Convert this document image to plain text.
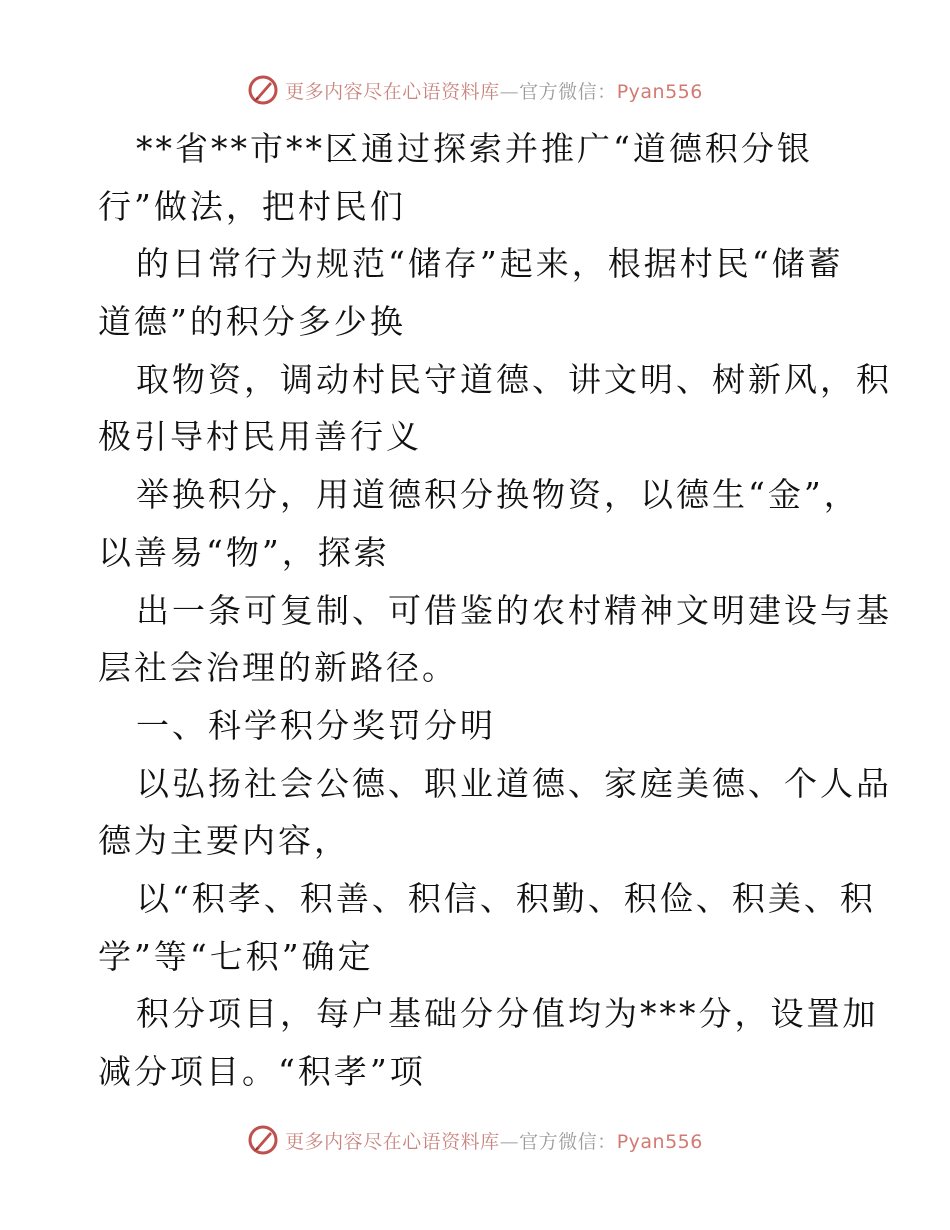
更多内容尽在心语资料库—官方微信：Pyan556
**省**市**区通过探索并推广“道德积分银
行”做法，把村民们
的日常行为规范“储存”起来，根据村民“储蓄
道德”的积分多少换
取物资，调动村民守道德、讲文明、树新风，积
极引导村民用善行义
举换积分，用道德积分换物资，以德生“金”，
以善易“物”，探索
出一条可复制、可借鉴的农村精神文明建设与基
层社会治理的新路径。
一、科学积分奖罚分明
以弘扬社会公德、职业道德、家庭美德、个人品
德为主要内容，
以“积孝、积善、积信、积勤、积俭、积美、积
学”等“七积”确定
积分项目，每户基础分分值均为***分，设置加
减分项目。“积孝”项
更多内容尽在心语资料库—官方微信：Pyan556
